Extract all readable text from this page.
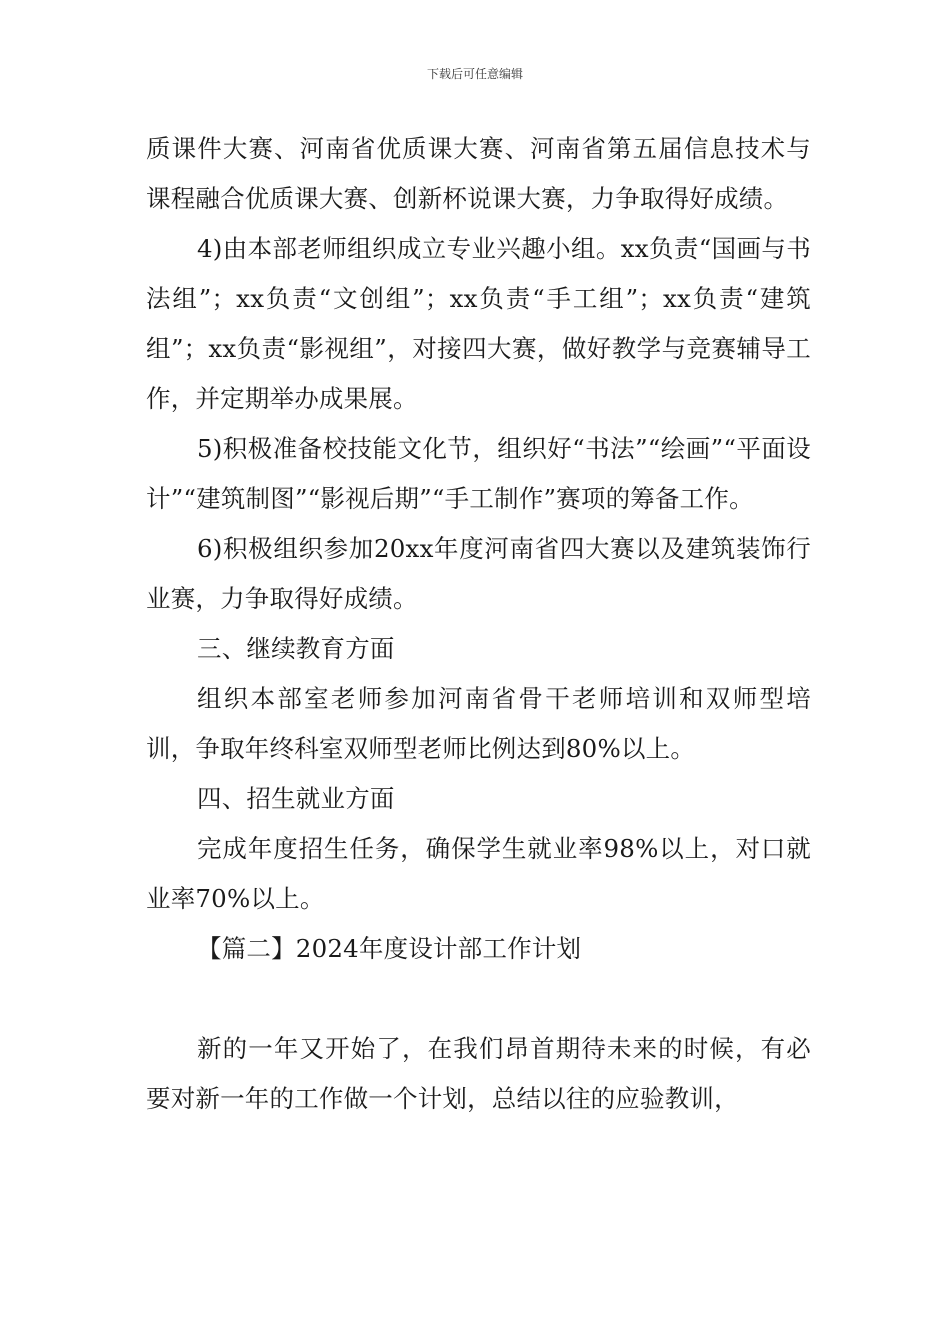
下载后可任意编辑

质课件大赛、河南省优质课大赛、河南省第五届信息技术与课程融合优质课大赛、创新杯说课大赛，力争取得好成绩。

4)由本部老师组织成立专业兴趣小组。xx负责“国画与书法组”；xx负责“文创组”；xx负责“手工组”；xx负责“建筑组”；xx负责“影视组”，对接四大赛，做好教学与竞赛辅导工作，并定期举办成果展。

5)积极准备校技能文化节，组织好“书法”“绘画”“平面设计”“建筑制图”“影视后期”“手工制作”赛项的筹备工作。

6)积极组织参加20xx年度河南省四大赛以及建筑装饰行业赛，力争取得好成绩。

三、继续教育方面

组织本部室老师参加河南省骨干老师培训和双师型培训，争取年终科室双师型老师比例达到80%以上。

四、招生就业方面

完成年度招生任务，确保学生就业率98%以上，对口就业率70%以上。

【篇二】2024年度设计部工作计划

新的一年又开始了，在我们昂首期待未来的时候，有必要对新一年的工作做一个计划，总结以往的应验教训，
